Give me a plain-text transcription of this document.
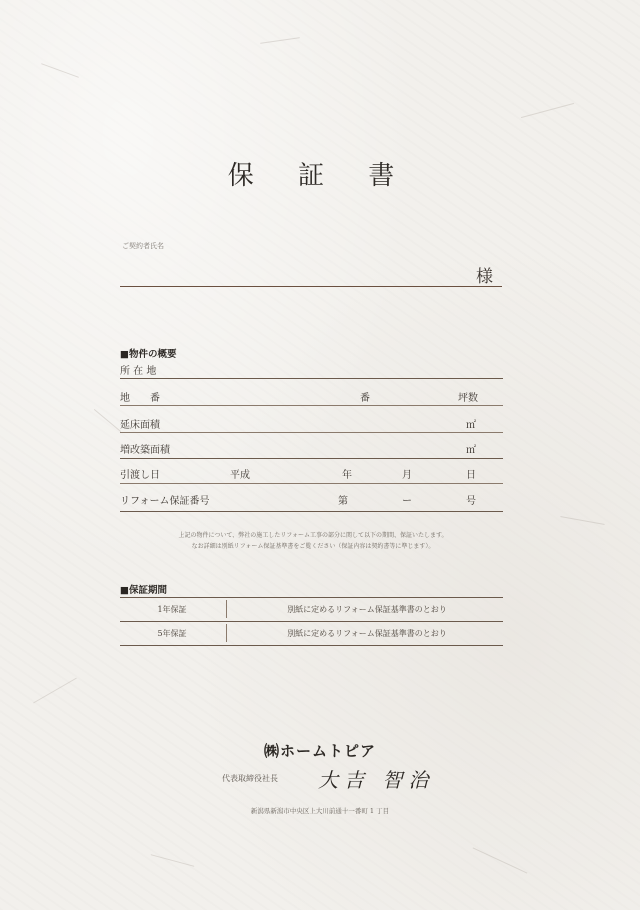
保 証 書
ご契約者氏名
様
■物件の概要
所 在 地
地　　番	番	坪数
延床面積	㎡
増改築面積	㎡
引渡し日	平成	年	月	日
リフォーム保証番号	第	ー	号
上記の物件について、弊社の施工したリフォーム工事の部分に関して以下の期間、保証いたします。
なお詳細は別紙リフォーム保証基準書をご覧ください（保証内容は契約書等に準じます）。
■保証期間
1年保証	別紙に定めるリフォーム保証基準書のとおり
5年保証	別紙に定めるリフォーム保証基準書のとおり
㈱ホームトピア
代表取締役社長 大吉 智治
新潟県新潟市中央区上大川前通十一番町 1 丁目
